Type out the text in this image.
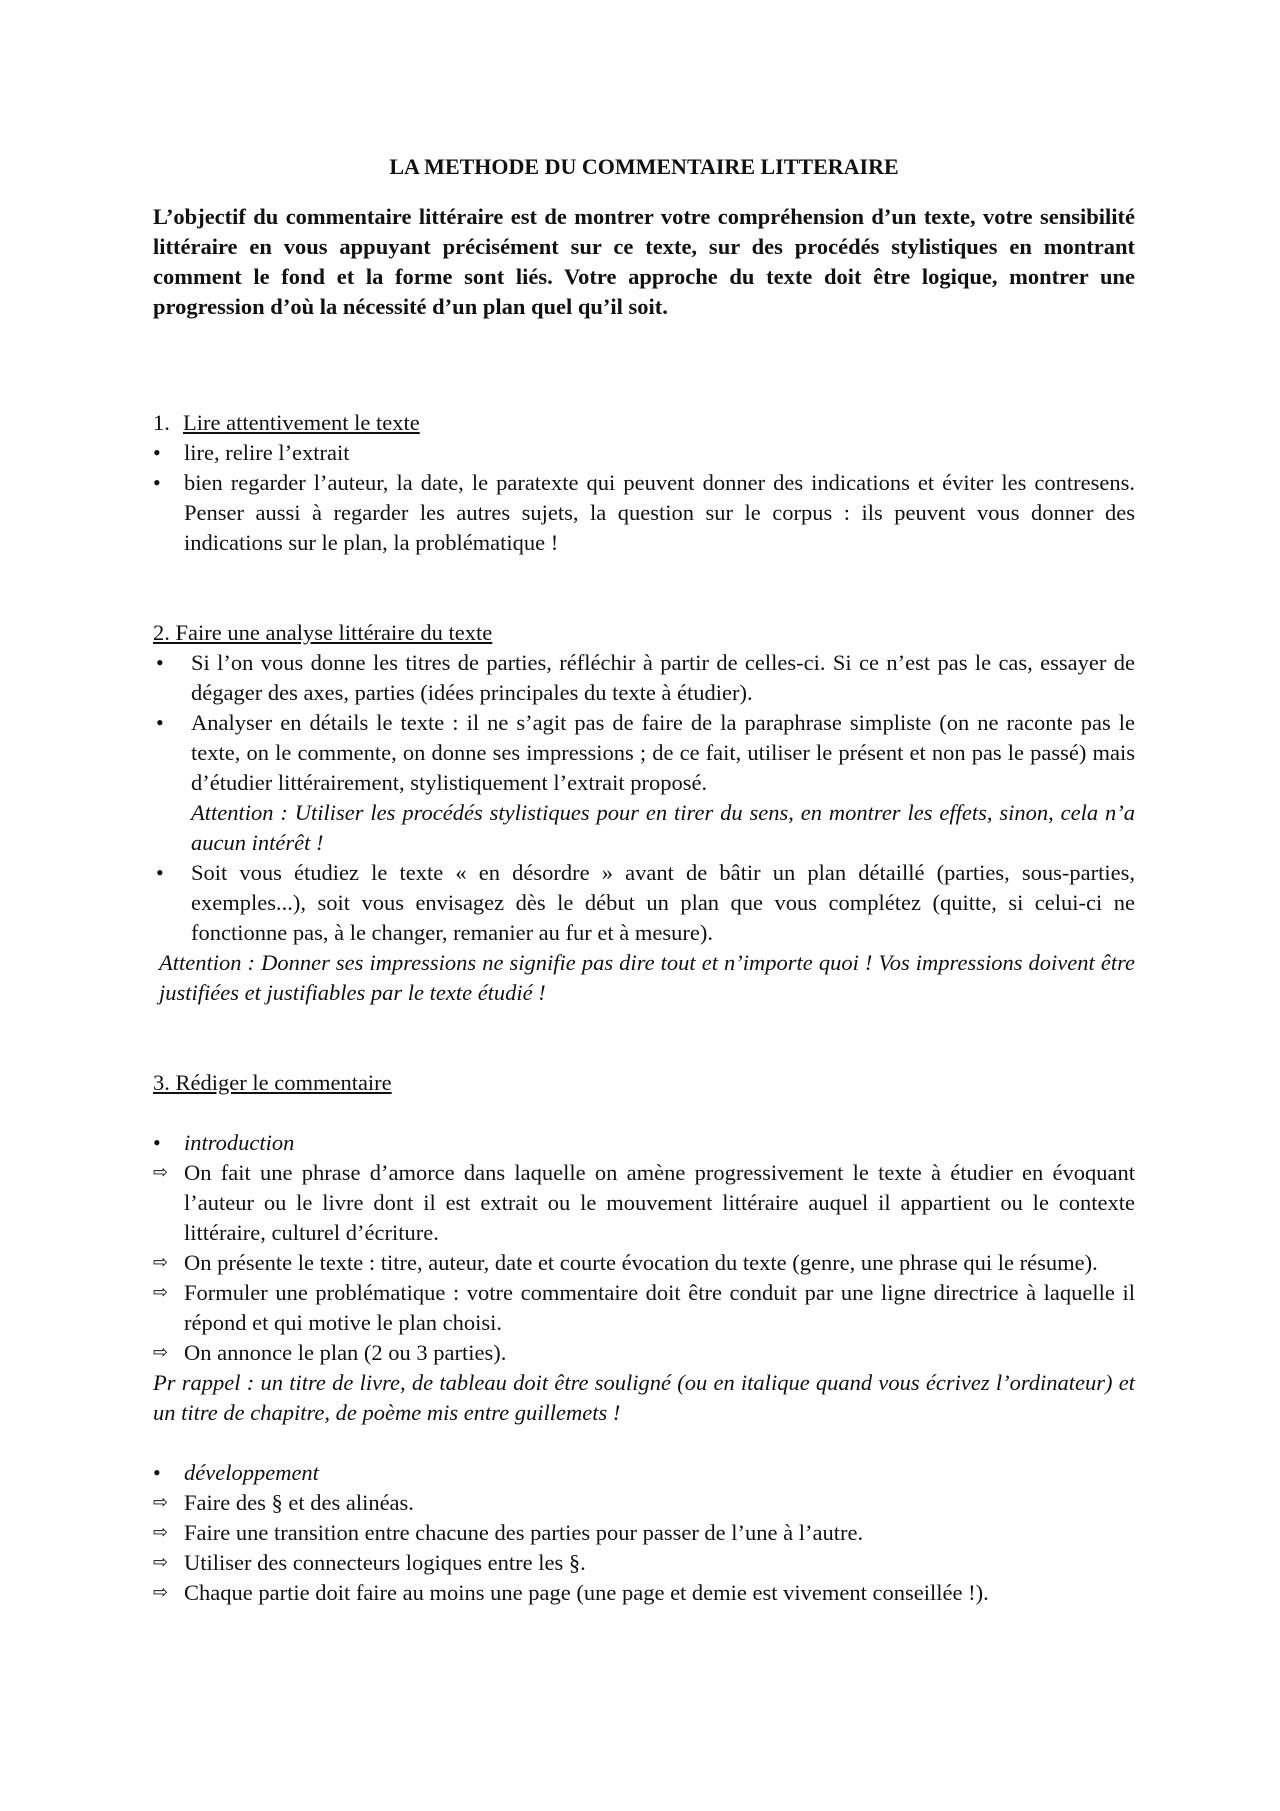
LA METHODE DU COMMENTAIRE LITTERAIRE

L’objectif du commentaire littéraire est de montrer votre compréhension d’un texte, votre sensibilité littéraire en vous appuyant précisément sur ce texte, sur des procédés stylistiques en montrant comment le fond et la forme sont liés. Votre approche du texte doit être logique, montrer une progression d’où la nécessité d’un plan quel qu’il soit.

1. Lire attentivement le texte

•
lire, relire l’extrait

•
bien regarder l’auteur, la date, le paratexte qui peuvent donner des indications et éviter les contresens. Penser aussi à regarder les autres sujets, la question sur le corpus : ils peuvent vous donner des indications sur le plan, la problématique !

2. Faire une analyse littéraire du texte

•
Si l’on vous donne les titres de parties, réfléchir à partir de celles-ci. Si ce n’est pas le cas, essayer de dégager des axes, parties (idées principales du texte à étudier).

•
Analyser en détails le texte : il ne s’agit pas de faire de la paraphrase simpliste (on ne raconte pas le texte, on le commente, on donne ses impressions ; de ce fait, utiliser le présent et non pas le passé) mais d’étudier littérairement, stylistiquement l’extrait proposé.
Attention : Utiliser les procédés stylistiques pour en tirer du sens, en montrer les effets, sinon, cela n’a aucun intérêt !

•
Soit vous étudiez le texte « en désordre » avant de bâtir un plan détaillé (parties, sous-parties, exemples...), soit vous envisagez dès le début un plan que vous complétez (quitte, si celui-ci ne fonctionne pas, à le changer, remanier au fur et à mesure).

Attention : Donner ses impressions ne signifie pas dire tout et n’importe quoi ! Vos impressions doivent être justifiées et justifiables par le texte étudié !

3. Rédiger le commentaire

•
introduction

⇨ On fait une phrase d’amorce dans laquelle on amène progressivement le texte à étudier en évoquant l’auteur ou le livre dont il est extrait ou le mouvement littéraire auquel il appartient ou le contexte littéraire, culturel d’écriture.

⇨ On présente le texte : titre, auteur, date et courte évocation du texte (genre, une phrase qui le résume).

⇨ Formuler une problématique : votre commentaire doit être conduit par une ligne directrice à laquelle il répond et qui motive le plan choisi.

⇨ On annonce le plan (2 ou 3 parties).

Pr rappel : un titre de livre, de tableau doit être souligné (ou en italique quand vous écrivez l’ordinateur) et un titre de chapitre, de poème mis entre guillemets !

•
développement

⇨ Faire des § et des alinéas.

⇨ Faire une transition entre chacune des parties pour passer de l’une à l’autre.

⇨ Utiliser des connecteurs logiques entre les §.

⇨ Chaque partie doit faire au moins une page (une page et demie est vivement conseillée !).
